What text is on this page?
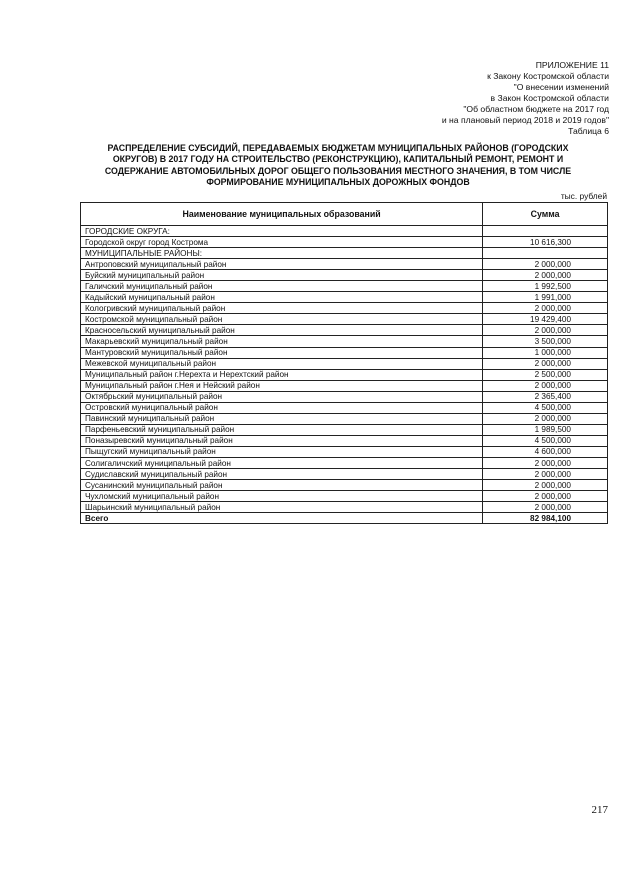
ПРИЛОЖЕНИЕ 11
к Закону Костромской области
"О внесении изменений
в Закон Костромской области
"Об областном бюджете на 2017 год
и на плановый период 2018 и 2019 годов"
Таблица 6
РАСПРЕДЕЛЕНИЕ СУБСИДИЙ, ПЕРЕДАВАЕМЫХ БЮДЖЕТАМ МУНИЦИПАЛЬНЫХ РАЙОНОВ (ГОРОДСКИХ
ОКРУГОВ) В 2017 ГОДУ НА СТРОИТЕЛЬСТВО (РЕКОНСТРУКЦИЮ), КАПИТАЛЬНЫЙ РЕМОНТ, РЕМОНТ И
СОДЕРЖАНИЕ АВТОМОБИЛЬНЫХ ДОРОГ ОБЩЕГО ПОЛЬЗОВАНИЯ МЕСТНОГО ЗНАЧЕНИЯ, В ТОМ ЧИСЛЕ
ФОРМИРОВАНИЕ МУНИЦИПАЛЬНЫХ ДОРОЖНЫХ ФОНДОВ
тыс. рублей
Наименование муниципальных образований	Сумма
ГОРОДСКИЕ ОКРУГА:	
Городской округ город Кострома	10 616,300
МУНИЦИПАЛЬНЫЕ РАЙОНЫ:	
Антроповский муниципальный район	2 000,000
Буйский муниципальный район	2 000,000
Галичский муниципальный район	1 992,500
Кадыйский муниципальный район	1 991,000
Кологривский муниципальный район	2 000,000
Костромской муниципальный район	19 429,400
Красносельский муниципальный район	2 000,000
Макарьевский муниципальный район	3 500,000
Мантуровский муниципальный район	1 000,000
Межевской муниципальный район	2 000,000
Муниципальный район г.Нерехта и Нерехтский район	2 500,000
Муниципальный район г.Нея и Нейский район	2 000,000
Октябрьский муниципальный район	2 365,400
Островский муниципальный район	4 500,000
Павинский муниципальный район	2 000,000
Парфеньевский муниципальный район	1 989,500
Поназыревский муниципальный район	4 500,000
Пыщугский муниципальный район	4 600,000
Солигаличский муниципальный район	2 000,000
Судиславский муниципальный район	2 000,000
Сусанинский муниципальный район	2 000,000
Чухломский муниципальный район	2 000,000
Шарьинский муниципальный район	2 000,000
Всего	82 984,100
217
